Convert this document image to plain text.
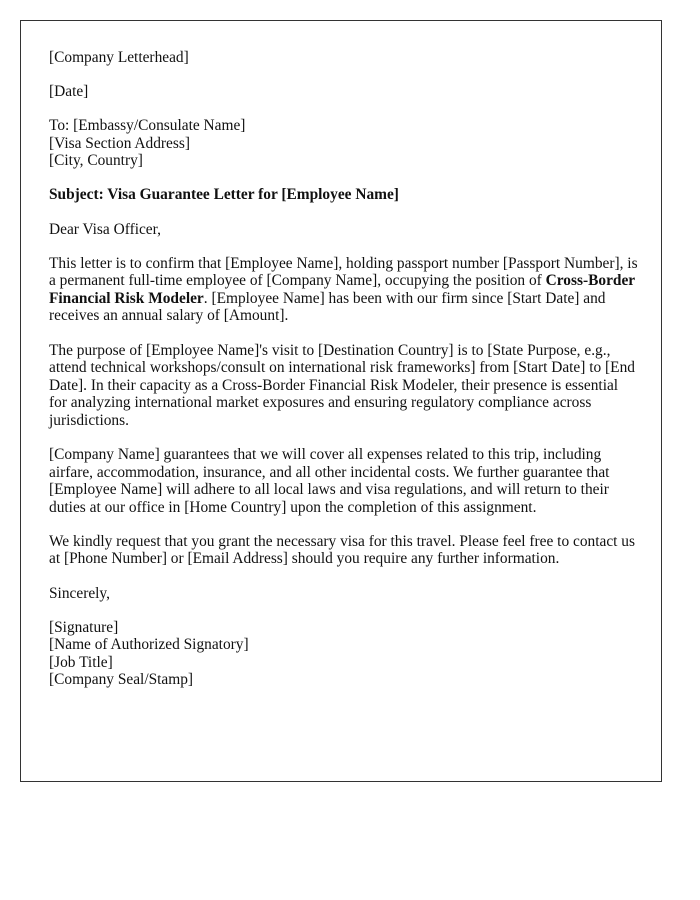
[Company Letterhead]

[Date]

To: [Embassy/Consulate Name]
[Visa Section Address]
[City, Country]

Subject: Visa Guarantee Letter for [Employee Name]

Dear Visa Officer,

This letter is to confirm that [Employee Name], holding passport number [Passport Number], is a permanent full-time employee of [Company Name], occupying the position of Cross-Border Financial Risk Modeler. [Employee Name] has been with our firm since [Start Date] and receives an annual salary of [Amount].

The purpose of [Employee Name]'s visit to [Destination Country] is to [State Purpose, e.g., attend technical workshops/consult on international risk frameworks] from [Start Date] to [End Date]. In their capacity as a Cross-Border Financial Risk Modeler, their presence is essential for analyzing international market exposures and ensuring regulatory compliance across jurisdictions.

[Company Name] guarantees that we will cover all expenses related to this trip, including airfare, accommodation, insurance, and all other incidental costs. We further guarantee that [Employee Name] will adhere to all local laws and visa regulations, and will return to their duties at our office in [Home Country] upon the completion of this assignment.

We kindly request that you grant the necessary visa for this travel. Please feel free to contact us at [Phone Number] or [Email Address] should you require any further information.

Sincerely,

[Signature]
[Name of Authorized Signatory]
[Job Title]
[Company Seal/Stamp]
